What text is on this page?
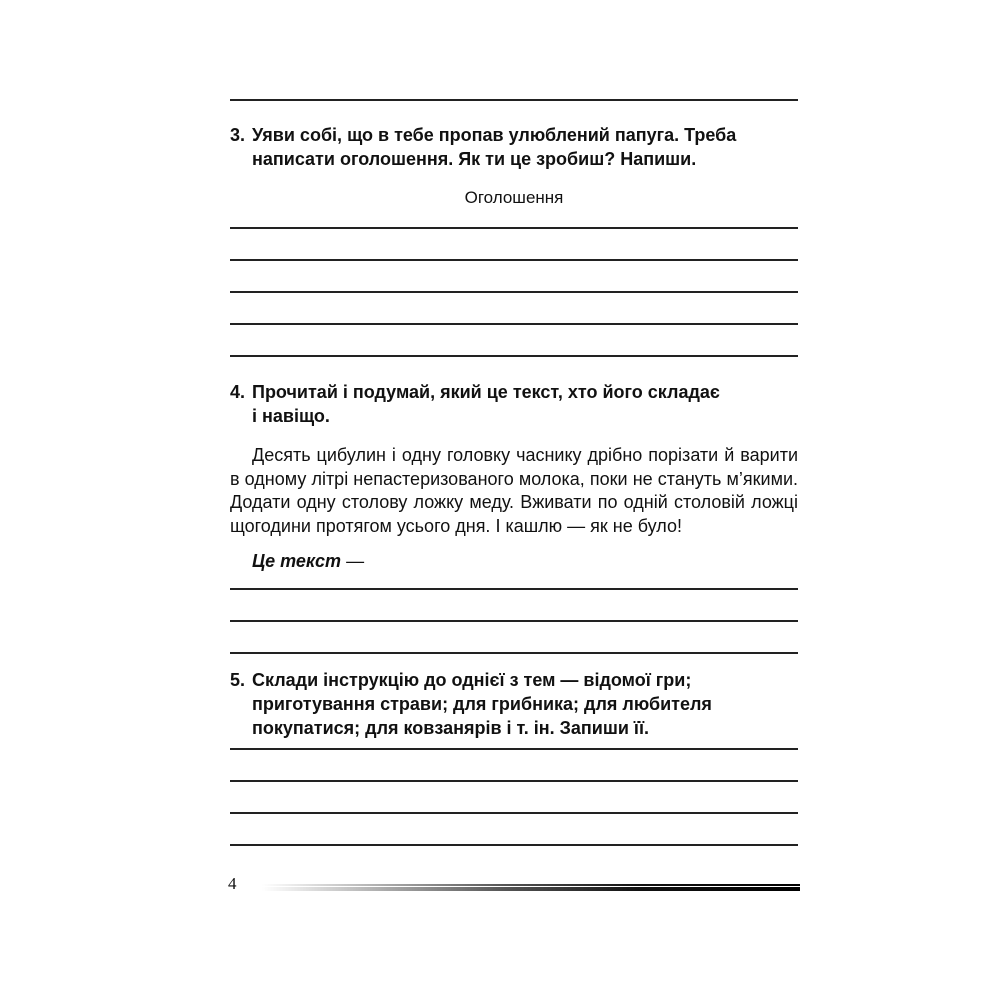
3. Уяви собі, що в тебе пропав улюблений папуга. Треба
написати оголошення. Як ти це зробиш? Напиши.
Оголошення
4. Прочитай і подумай, який це текст, хто його складає
і навіщо.
Десять цибулин і одну головку часнику дрібно порізати й варити в одному літрі непастеризованого молока, поки не стануть м’якими. Додати одну столову ложку меду. Вживати по одній столовій ложці щогодини протягом усього дня. І кашлю — як не було!
Це текст —
5. Склади інструкцію до однієї з тем — відомої гри;
приготування страви; для грибника; для любителя
покупатися; для ковзанярів і т. ін. Запиши її.
4
